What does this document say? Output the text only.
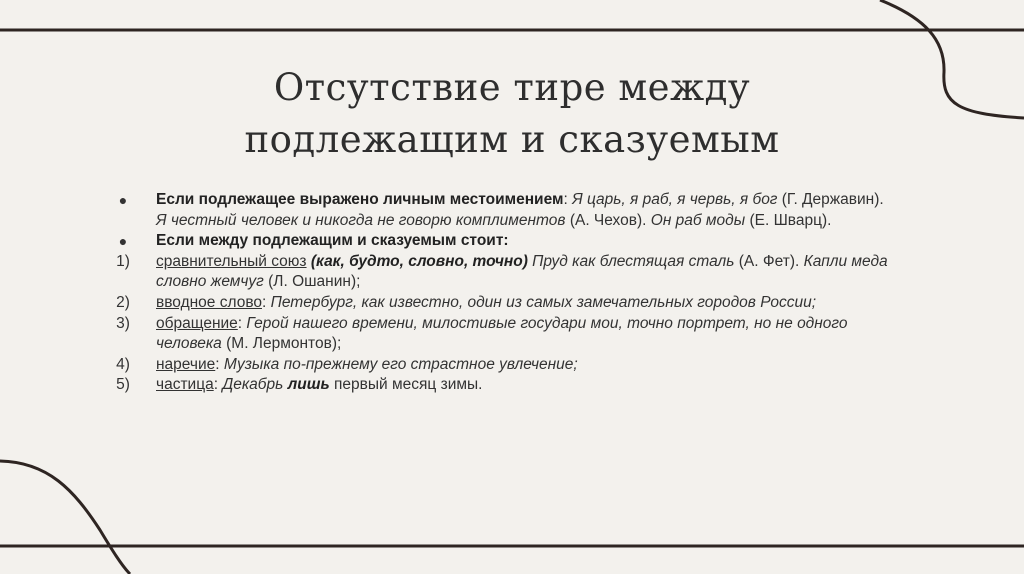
Отсутствие тире между
подлежащим и сказуемым
●	Если подлежащее выражено личным местоимением: Я царь, я раб, я червь, я бог (Г. Державин).
Я честный человек и никогда не говорю комплиментов (А. Чехов). Он раб моды (Е. Шварц).
●	Если между подлежащим и сказуемым стоит:
1)	сравнительный союз (как, будто, словно, точно) Пруд как блестящая сталь (А. Фет). Капли меда словно жемчуг (Л. Ошанин);
2)	вводное слово: Петербург, как известно, один из самых замечательных городов России;
3)	обращение: Герой нашего времени, милостивые государи мои, точно портрет, но не одного человека (М. Лермонтов);
4)	наречие: Музыка по-прежнему его страстное увлечение;
5)	частица: Декабрь лишь первый месяц зимы.
